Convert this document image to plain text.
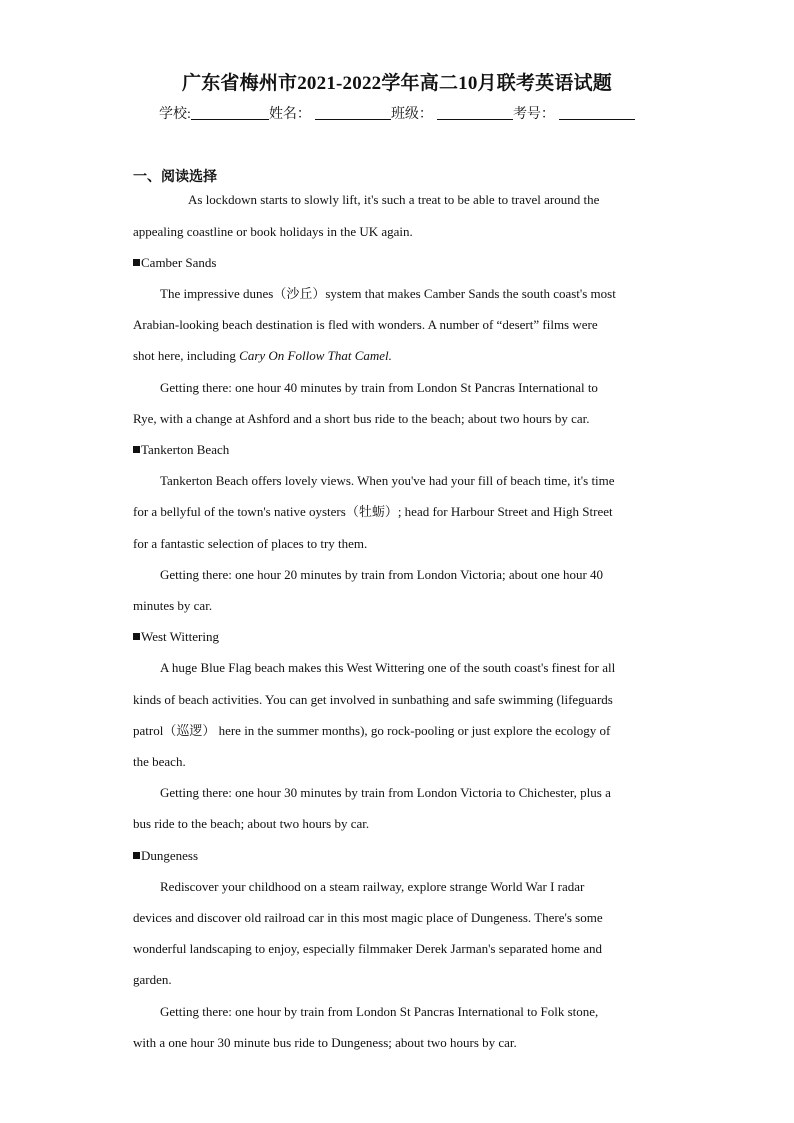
广东省梅州市2021-2022学年高二10月联考英语试题
学校:	姓名：	班级：	考号：
一、阅读选择
As lockdown starts to slowly lift, it's such a treat to be able to travel around the
appealing coastline or book holidays in the UK again.
Camber Sands
The impressive dunes（沙丘）system that makes Camber Sands the south coast's most
Arabian-looking beach destination is fled with wonders. A number of “desert” films were
shot here, including Cary On Follow That Camel.
Getting there: one hour 40 minutes by train from London St Pancras International to
Rye, with a change at Ashford and a short bus ride to the beach; about two hours by car.
Tankerton Beach
Tankerton Beach offers lovely views. When you've had your fill of beach time, it's time
for a bellyful of the town's native oysters（牡蛎）; head for Harbour Street and High Street
for a fantastic selection of places to try them.
Getting there: one hour 20 minutes by train from London Victoria; about one hour 40
minutes by car.
West Wittering
A huge Blue Flag beach makes this West Wittering one of the south coast's finest for all
kinds of beach activities. You can get involved in sunbathing and safe swimming (lifeguards
patrol（巡逻） here in the summer months), go rock-pooling or just explore the ecology of
the beach.
Getting there: one hour 30 minutes by train from London Victoria to Chichester, plus a
bus ride to the beach; about two hours by car.
Dungeness
Rediscover your childhood on a steam railway, explore strange World War I radar
devices and discover old railroad car in this most magic place of Dungeness. There's some
wonderful landscaping to enjoy, especially filmmaker Derek Jarman's separated home and
garden.
Getting there: one hour by train from London St Pancras International to Folk stone,
with a one hour 30 minute bus ride to Dungeness; about two hours by car.
